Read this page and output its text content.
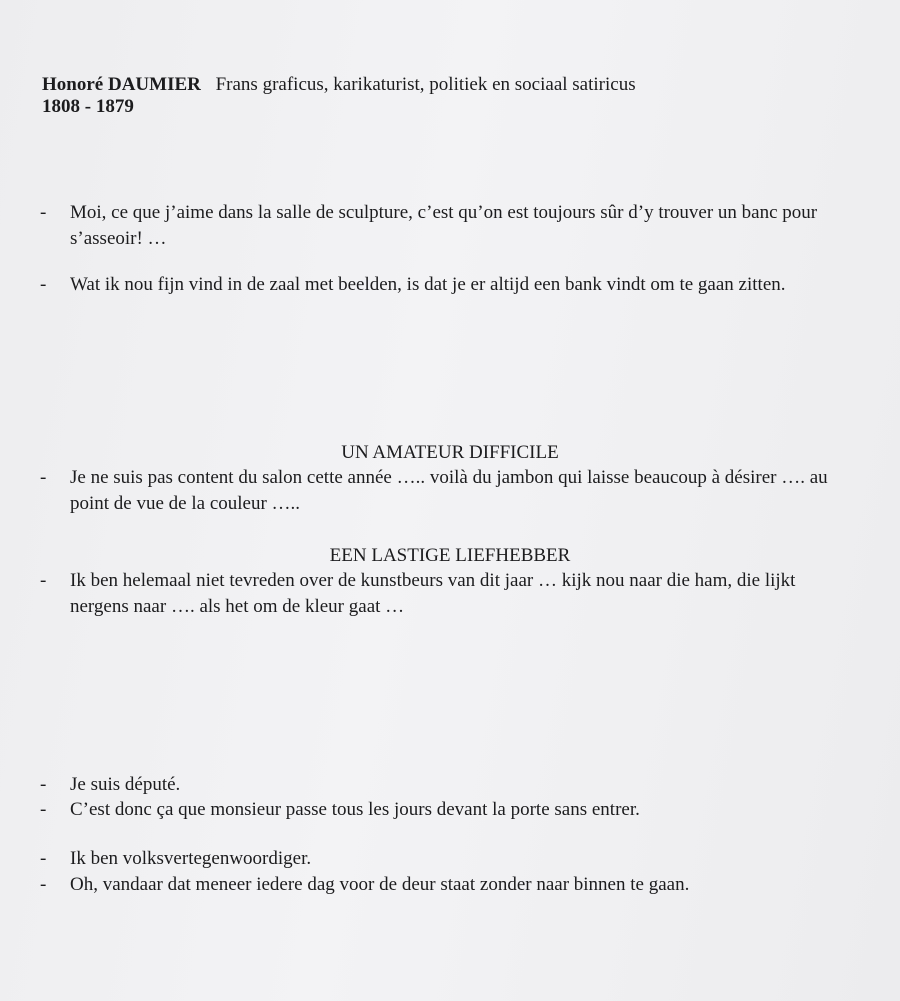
Honoré DAUMIER Frans graficus, karikaturist, politiek en sociaal satiricus
1808 - 1879
- Moi, ce que j’aime dans la salle de sculpture, c’est qu’on est toujours sûr d’y trouver un banc pour s’asseoir! …
- Wat ik nou fijn vind in de zaal met beelden, is dat je er altijd een bank vindt om te gaan zitten.
UN AMATEUR DIFFICILE
- Je ne suis pas content du salon cette année ….. voilà du jambon qui laisse beaucoup à désirer …. au point de vue de la couleur …..
EEN LASTIGE LIEFHEBBER
- Ik ben helemaal niet tevreden over de kunstbeurs van dit jaar … kijk nou naar die ham, die lijkt nergens naar …. als het om de kleur gaat …
- Je suis député.
- C’est donc ça que monsieur passe tous les jours devant la porte sans entrer.
- Ik ben volksvertegenwoordiger.
- Oh, vandaar dat meneer iedere dag voor de deur staat zonder naar binnen te gaan.
